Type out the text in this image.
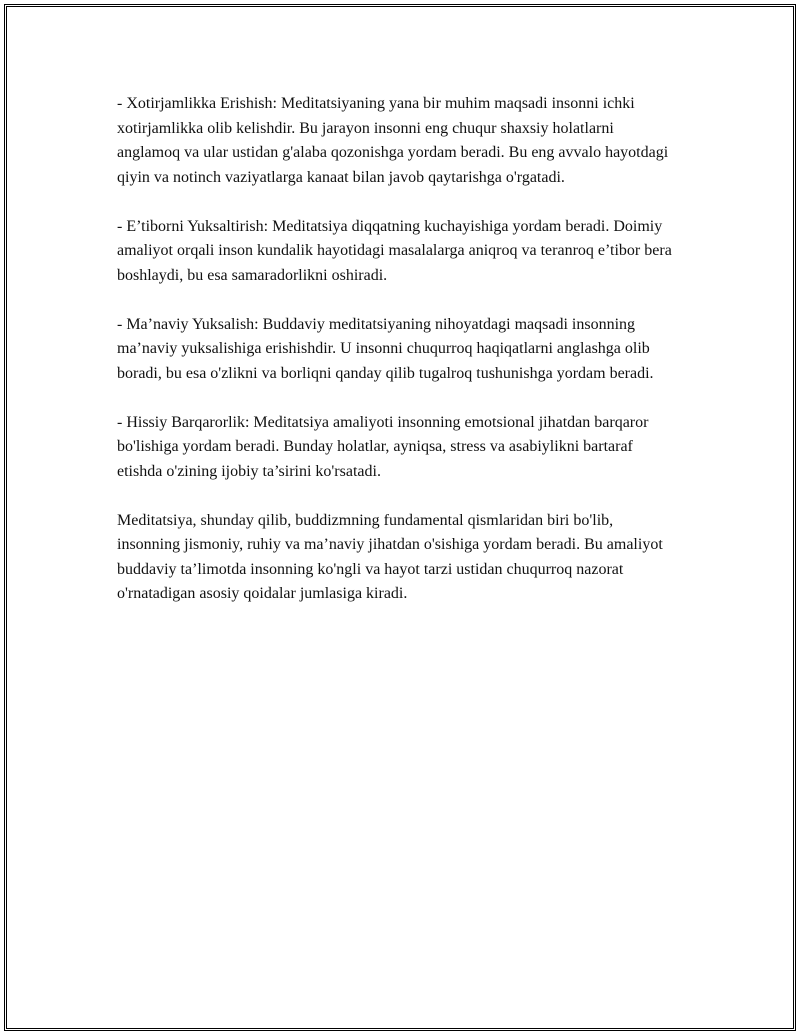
- Xotirjamlikka Erishish: Meditatsiyaning yana bir muhim maqsadi insonni ichki xotirjamlikka olib kelishdir. Bu jarayon insonni eng chuqur shaxsiy holatlarni anglamoq va ular ustidan g'alaba qozonishga yordam beradi. Bu eng avvalo hayotdagi qiyin va notinch vaziyatlarga kanaat bilan javob qaytarishga o'rgatadi.

- E’tiborni Yuksaltirish: Meditatsiya diqqatning kuchayishiga yordam beradi. Doimiy amaliyot orqali inson kundalik hayotidagi masalalarga aniqroq va teranroq e’tibor bera boshlaydi, bu esa samaradorlikni oshiradi.

- Ma’naviy Yuksalish: Buddaviy meditatsiyaning nihoyatdagi maqsadi insonning ma’naviy yuksalishiga erishishdir. U insonni chuqurroq haqiqatlarni anglashga olib boradi, bu esa o'zlikni va borliqni qanday qilib tugalroq tushunishga yordam beradi.

- Hissiy Barqarorlik: Meditatsiya amaliyoti insonning emotsional jihatdan barqaror bo'lishiga yordam beradi. Bunday holatlar, ayniqsa, stress va asabiylikni bartaraf etishda o'zining ijobiy ta’sirini ko'rsatadi.

Meditatsiya, shunday qilib, buddizmning fundamental qismlaridan biri bo'lib, insonning jismoniy, ruhiy va ma’naviy jihatdan o'sishiga yordam beradi. Bu amaliyot buddaviy ta’limotda insonning ko'ngli va hayot tarzi ustidan chuqurroq nazorat o'rnatadigan asosiy qoidalar jumlasiga kiradi.
